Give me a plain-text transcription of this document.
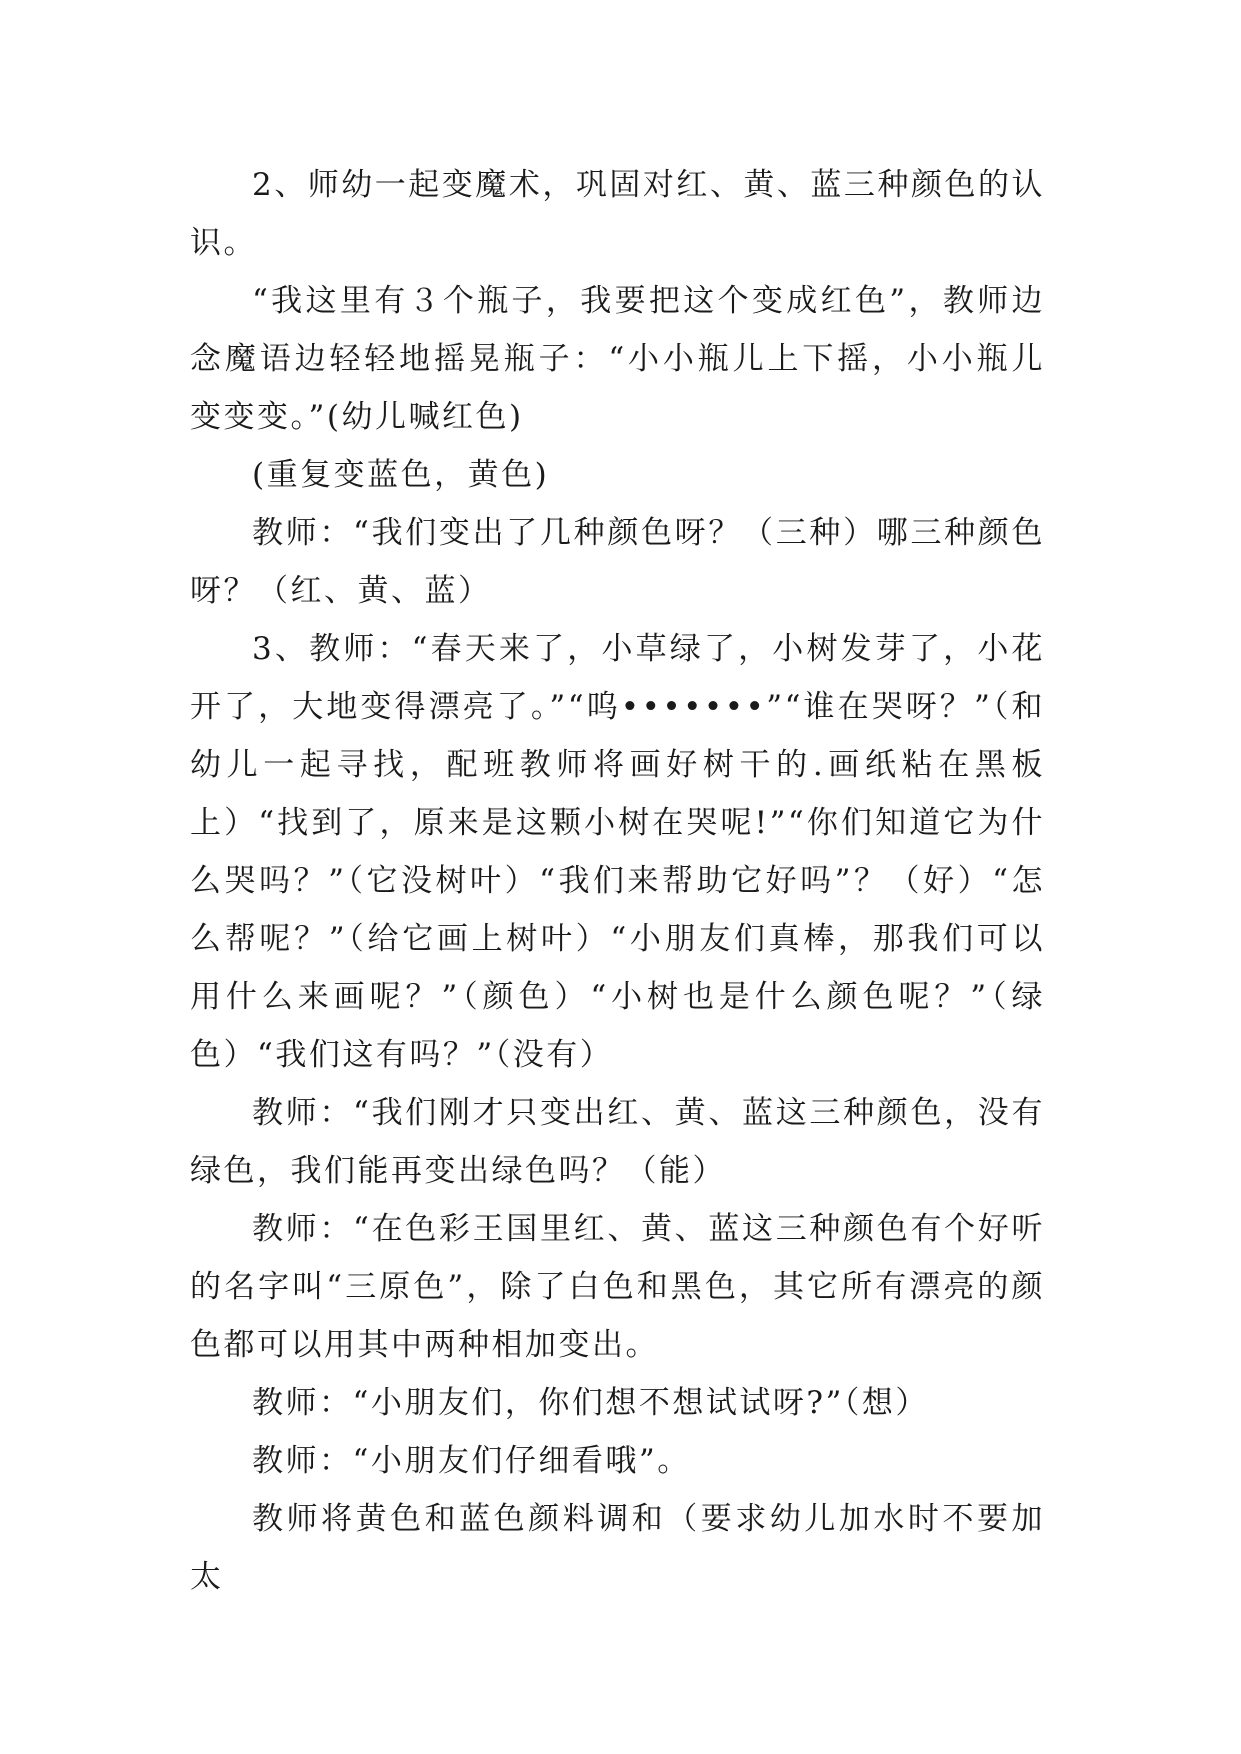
2、师幼一起变魔术，巩固对红、黄、蓝三种颜色的认识。

“我这里有３个瓶子，我要把这个变成红色”，教师边念魔语边轻轻地摇晃瓶子：“小小瓶儿上下摇，小小瓶儿变变变。”(幼儿喊红色)

(重复变蓝色，黄色)

教师：“我们变出了几种颜色呀？（三种）哪三种颜色呀？（红、黄、蓝）

3、教师：“春天来了，小草绿了，小树发芽了，小花开了，大地变得漂亮了。”“呜•••••••”“谁在哭呀？”（和幼儿一起寻找，配班教师将画好树干的.画纸粘在黑板上）“找到了，原来是这颗小树在哭呢!”“你们知道它为什么哭吗？”（它没树叶）“我们来帮助它好吗”？（好）“怎么帮呢？”（给它画上树叶）“小朋友们真棒，那我们可以用什么来画呢？”（颜色）“小树也是什么颜色呢？”（绿色）“我们这有吗？”（没有）

教师：“我们刚才只变出红、黄、蓝这三种颜色，没有绿色，我们能再变出绿色吗？（能）

教师：“在色彩王国里红、黄、蓝这三种颜色有个好听的名字叫“三原色”，除了白色和黑色，其它所有漂亮的颜色都可以用其中两种相加变出。

教师：“小朋友们，你们想不想试试呀?”（想）

教师：“小朋友们仔细看哦”。

教师将黄色和蓝色颜料调和（要求幼儿加水时不要加太
